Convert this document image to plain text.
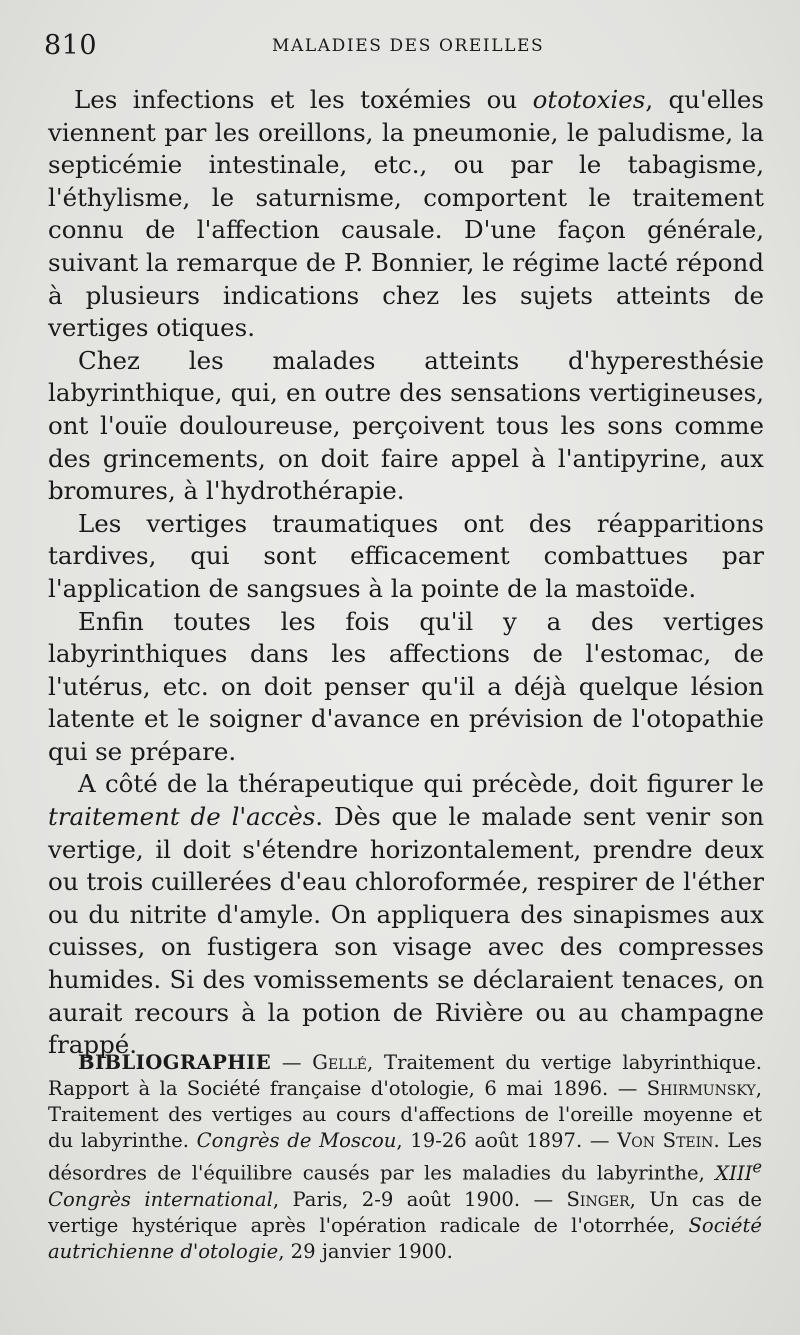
810	MALADIES DES OREILLES

Les infections et les toxémies ou ototoxies, qu'elles viennent par les oreillons, la pneumonie, le paludisme, la septicémie intestinale, etc., ou par le tabagisme, l'éthylisme, le saturnisme, comportent le traitement connu de l'affection causale. D'une façon générale, suivant la remarque de P. Bonnier, le régime lacté répond à plusieurs indications chez les sujets atteints de vertiges otiques.

Chez les malades atteints d'hyperesthésie labyrinthique, qui, en outre des sensations vertigineuses, ont l'ouïe douloureuse, perçoivent tous les sons comme des grincements, on doit faire appel à l'antipyrine, aux bromures, à l'hydrothérapie.

Les vertiges traumatiques ont des réapparitions tardives, qui sont efficacement combattues par l'application de sangsues à la pointe de la mastoïde.

Enfin toutes les fois qu'il y a des vertiges labyrinthiques dans les affections de l'estomac, de l'utérus, etc. on doit penser qu'il a déjà quelque lésion latente et le soigner d'avance en prévision de l'otopathie qui se prépare.

A côté de la thérapeutique qui précède, doit figurer le traitement de l'accès. Dès que le malade sent venir son vertige, il doit s'étendre horizontalement, prendre deux ou trois cuillerées d'eau chloroformée, respirer de l'éther ou du nitrite d'amyle. On appliquera des sinapismes aux cuisses, on fustigera son visage avec des compresses humides. Si des vomissements se déclaraient tenaces, on aurait recours à la potion de Rivière ou au champagne frappé.

BIBLIOGRAPHIE — Gellé, Traitement du vertige labyrinthique. Rapport à la Société française d'otologie, 6 mai 1896. — Shirmunsky, Traitement des vertiges au cours d'affections de l'oreille moyenne et du labyrinthe. Congrès de Moscou, 19-26 août 1897. — Von Stein. Les désordres de l'équilibre causés par les maladies du labyrinthe, XIIIe Congrès international, Paris, 2-9 août 1900. — Singer, Un cas de vertige hystérique après l'opération radicale de l'otorrhée, Société autrichienne d'otologie, 29 janvier 1900.
